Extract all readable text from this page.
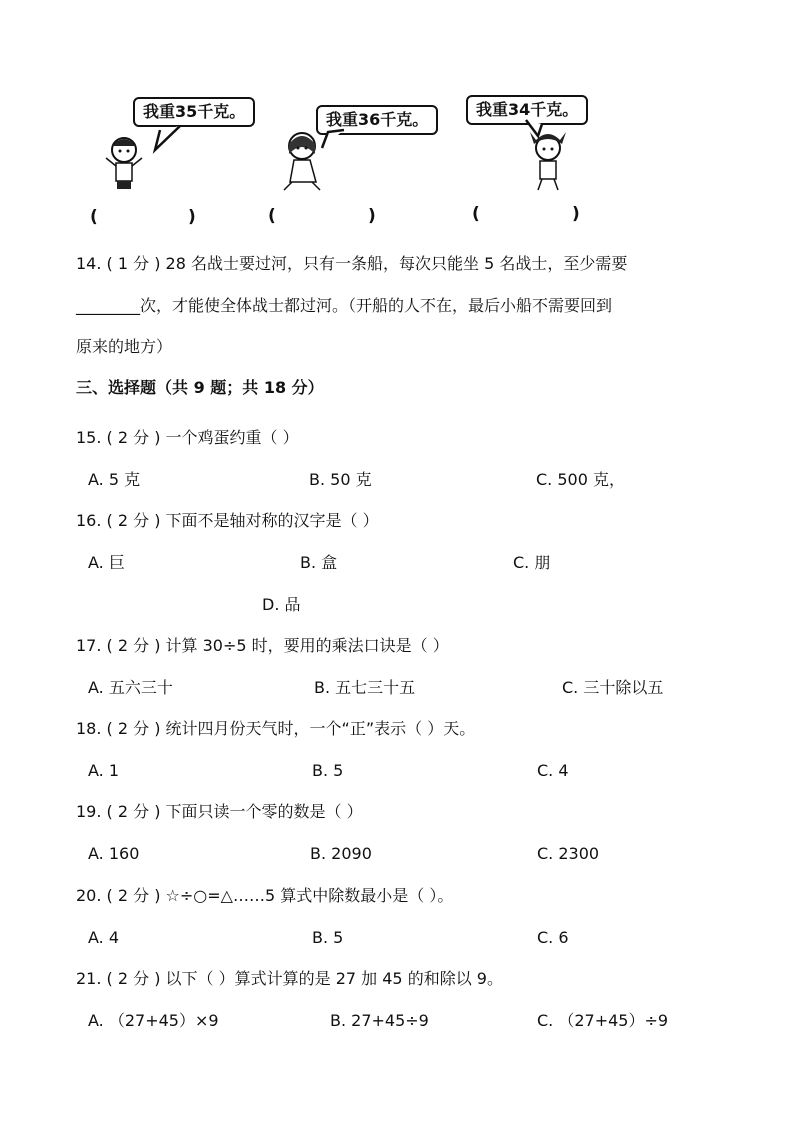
我重35千克。	我重36千克。
我重34千克。
(	)	(	)	(	)
14. ( 1 分 ) 28 名战士要过河，只有一条船，每次只能坐 5 名战士，至少需要
________次，才能使全体战士都过河。（开船的人不在，最后小船不需要回到
原来的地方）
三、选择题（共 9 题；共 18 分）
15. ( 2 分 ) 一个鸡蛋约重（ ）
A. 5 克	B. 50 克	C. 500 克，
16. ( 2 分 ) 下面不是轴对称的汉字是（ ）
A. 巨	B. 盒	C. 朋
D. 品
17. ( 2 分 ) 计算 30÷5 时，要用的乘法口诀是（ ）
A. 五六三十	B. 五七三十五	C. 三十除以五
18. ( 2 分 ) 统计四月份天气时，一个“正”表示（ ）天。
A. 1	B. 5	C. 4
19. ( 2 分 ) 下面只读一个零的数是（ ）
A. 160	B. 2090	C. 2300
20. ( 2 分 ) ☆÷○=△……5 算式中除数最小是（ ）。
A. 4	B. 5	C. 6
21. ( 2 分 ) 以下（ ）算式计算的是 27 加 45 的和除以 9。
A. （27+45）×9	B. 27+45÷9	C. （27+45）÷9
